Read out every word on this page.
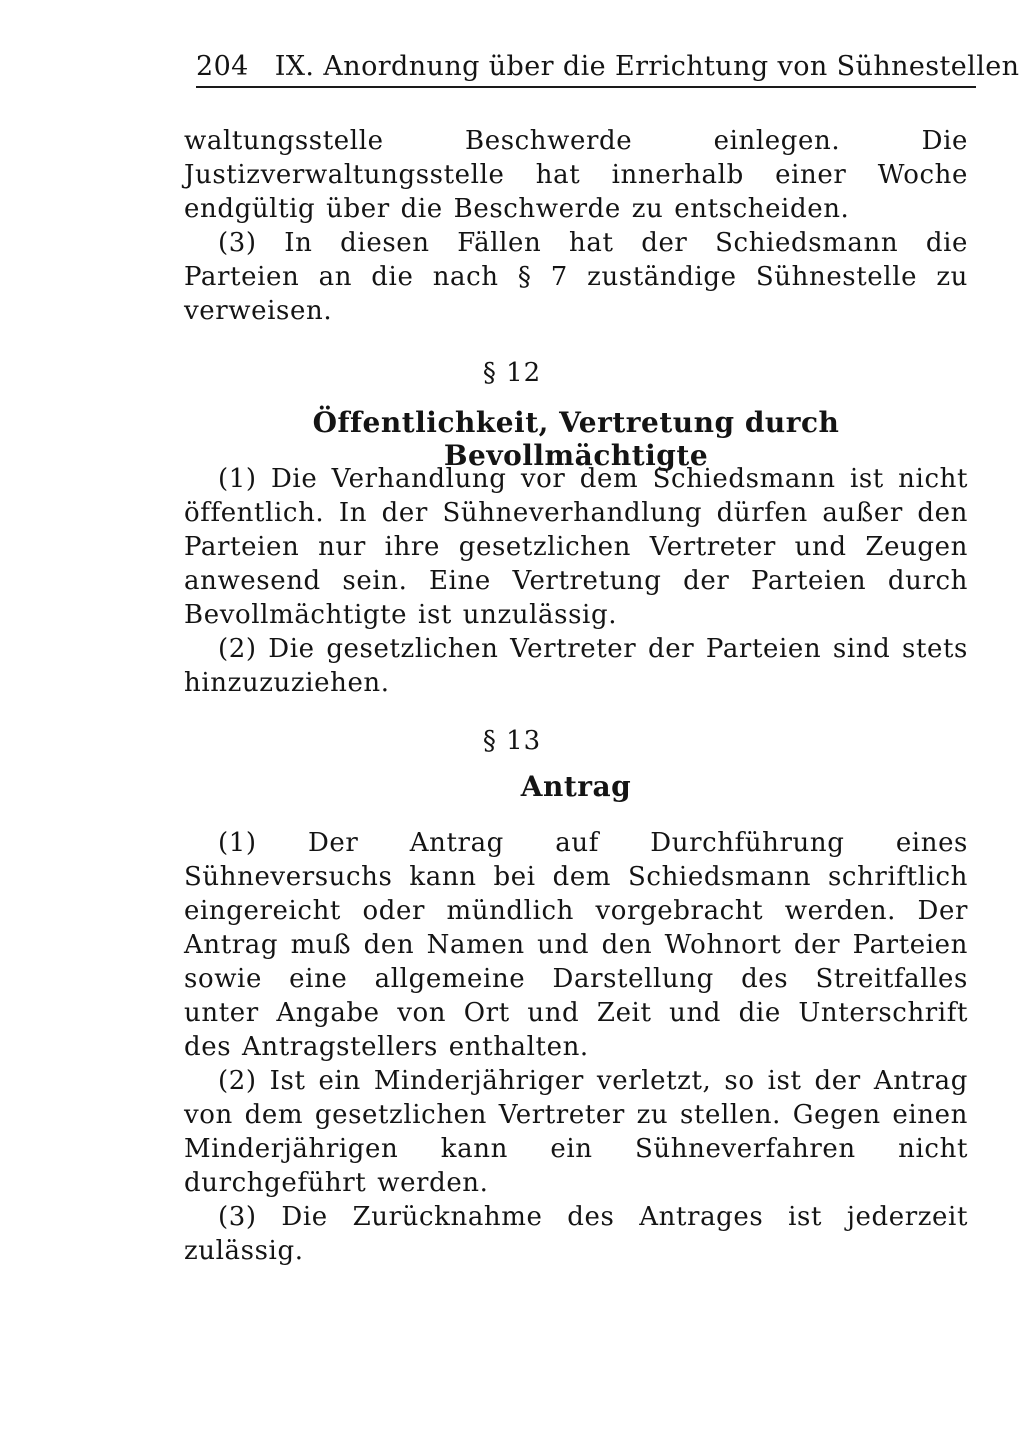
204 IX. Anordnung über die Errichtung von Sühnestellen

waltungsstelle Beschwerde einlegen. Die Justizverwaltungsstelle hat innerhalb einer Woche endgültig über die Beschwerde zu entscheiden.

(3) In diesen Fällen hat der Schiedsmann die Parteien an die nach § 7 zuständige Sühnestelle zu verweisen.

§ 12
Öffentlichkeit, Vertretung durch Bevollmächtigte

(1) Die Verhandlung vor dem Schiedsmann ist nicht öffentlich. In der Sühneverhandlung dürfen außer den Parteien nur ihre gesetzlichen Vertreter und Zeugen anwesend sein. Eine Vertretung der Parteien durch Bevollmächtigte ist unzulässig.

(2) Die gesetzlichen Vertreter der Parteien sind stets hinzuzuziehen.

§ 13
Antrag

(1) Der Antrag auf Durchführung eines Sühneversuchs kann bei dem Schiedsmann schriftlich eingereicht oder mündlich vorgebracht werden. Der Antrag muß den Namen und den Wohnort der Parteien sowie eine allgemeine Darstellung des Streitfalles unter Angabe von Ort und Zeit und die Unterschrift des Antragstellers enthalten.

(2) Ist ein Minderjähriger verletzt, so ist der Antrag von dem gesetzlichen Vertreter zu stellen. Gegen einen Minderjährigen kann ein Sühneverfahren nicht durchgeführt werden.

(3) Die Zurücknahme des Antrages ist jederzeit zulässig.
